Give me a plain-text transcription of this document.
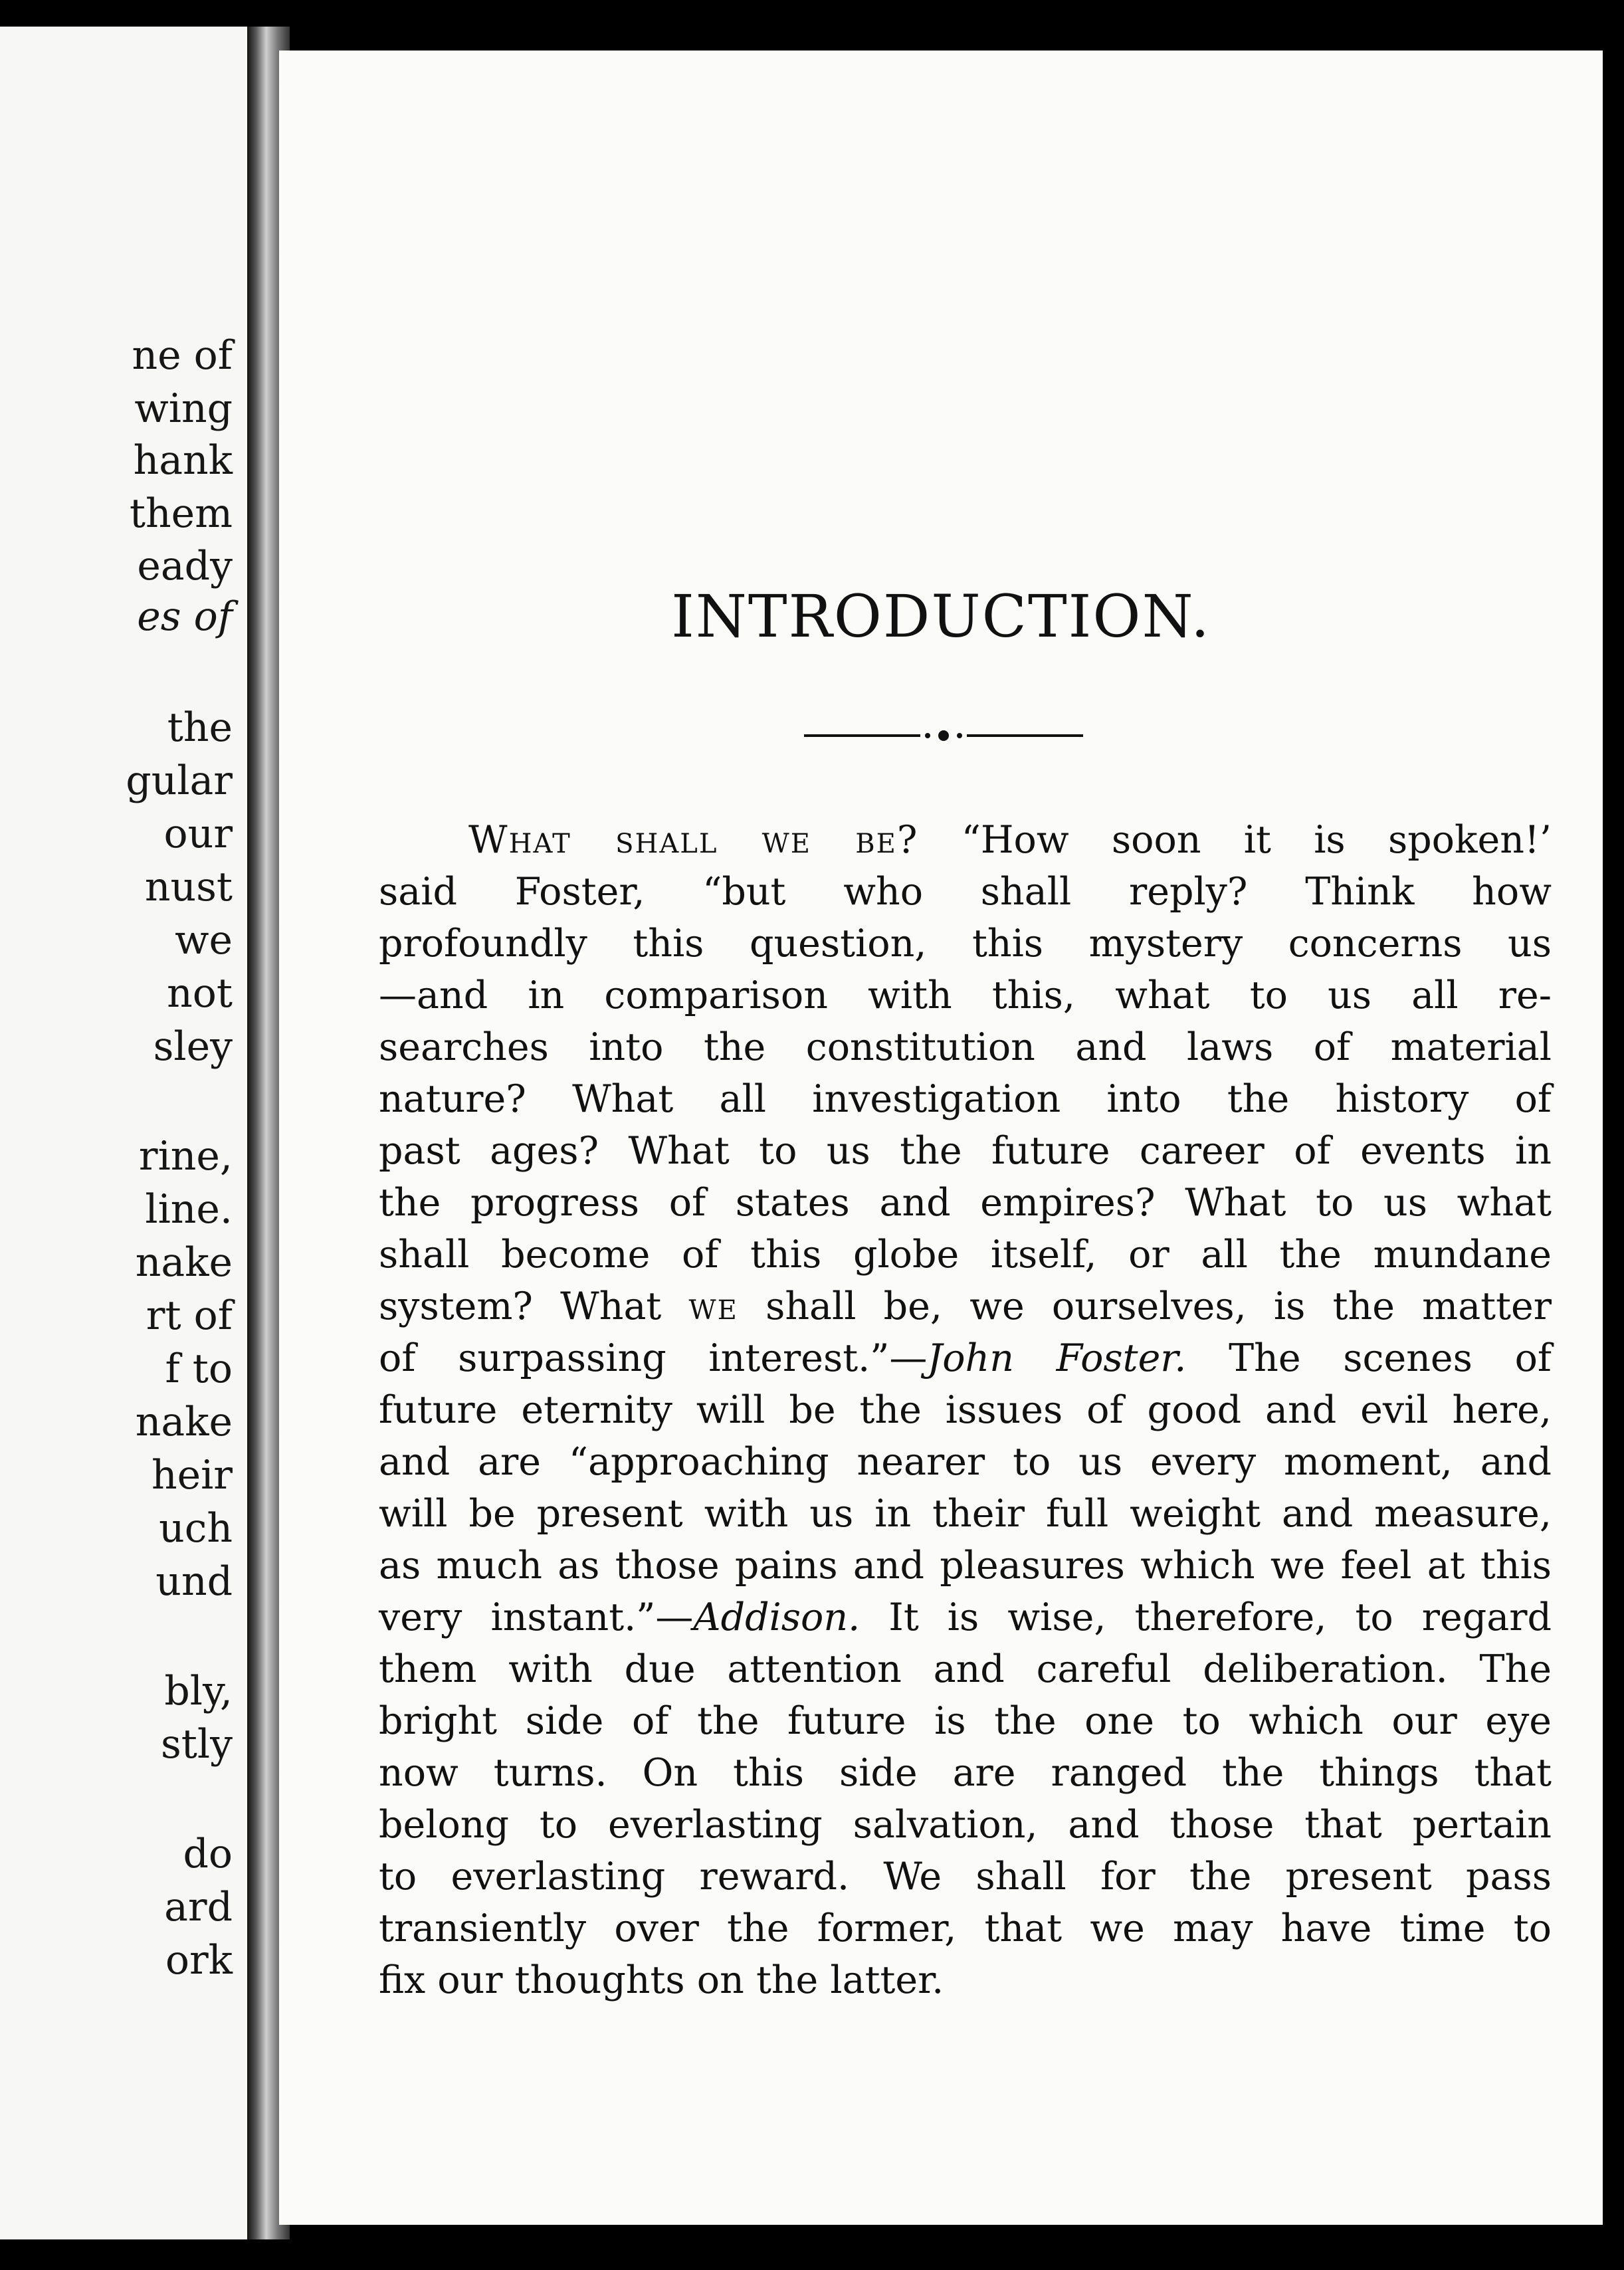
ne of
wing
hank
them
eady
es of
the
gular
our
nust
we
not
sley
rine,
line.
nake
rt of
f to
nake
heir
uch
und
bly,
stly
do
ard
ork
INTRODUCTION.
What shall we be? “How soon it is spoken!’
said Foster, “but who shall reply? Think how
profoundly this question, this mystery concerns us
—and in comparison with this, what to us all re-
searches into the constitution and laws of material
nature? What all investigation into the history of
past ages? What to us the future career of events in
the progress of states and empires? What to us what
shall become of this globe itself, or all the mundane
system? What we shall be, we ourselves, is the matter
of surpassing interest.”—John Foster. The scenes of
future eternity will be the issues of good and evil here,
and are “approaching nearer to us every moment, and
will be present with us in their full weight and measure,
as much as those pains and pleasures which we feel at this
very instant.”—Addison. It is wise, therefore, to regard
them with due attention and careful deliberation. The
bright side of the future is the one to which our eye
now turns. On this side are ranged the things that
belong to everlasting salvation, and those that pertain
to everlasting reward. We shall for the present pass
transiently over the former, that we may have time to
fix our thoughts on the latter.
